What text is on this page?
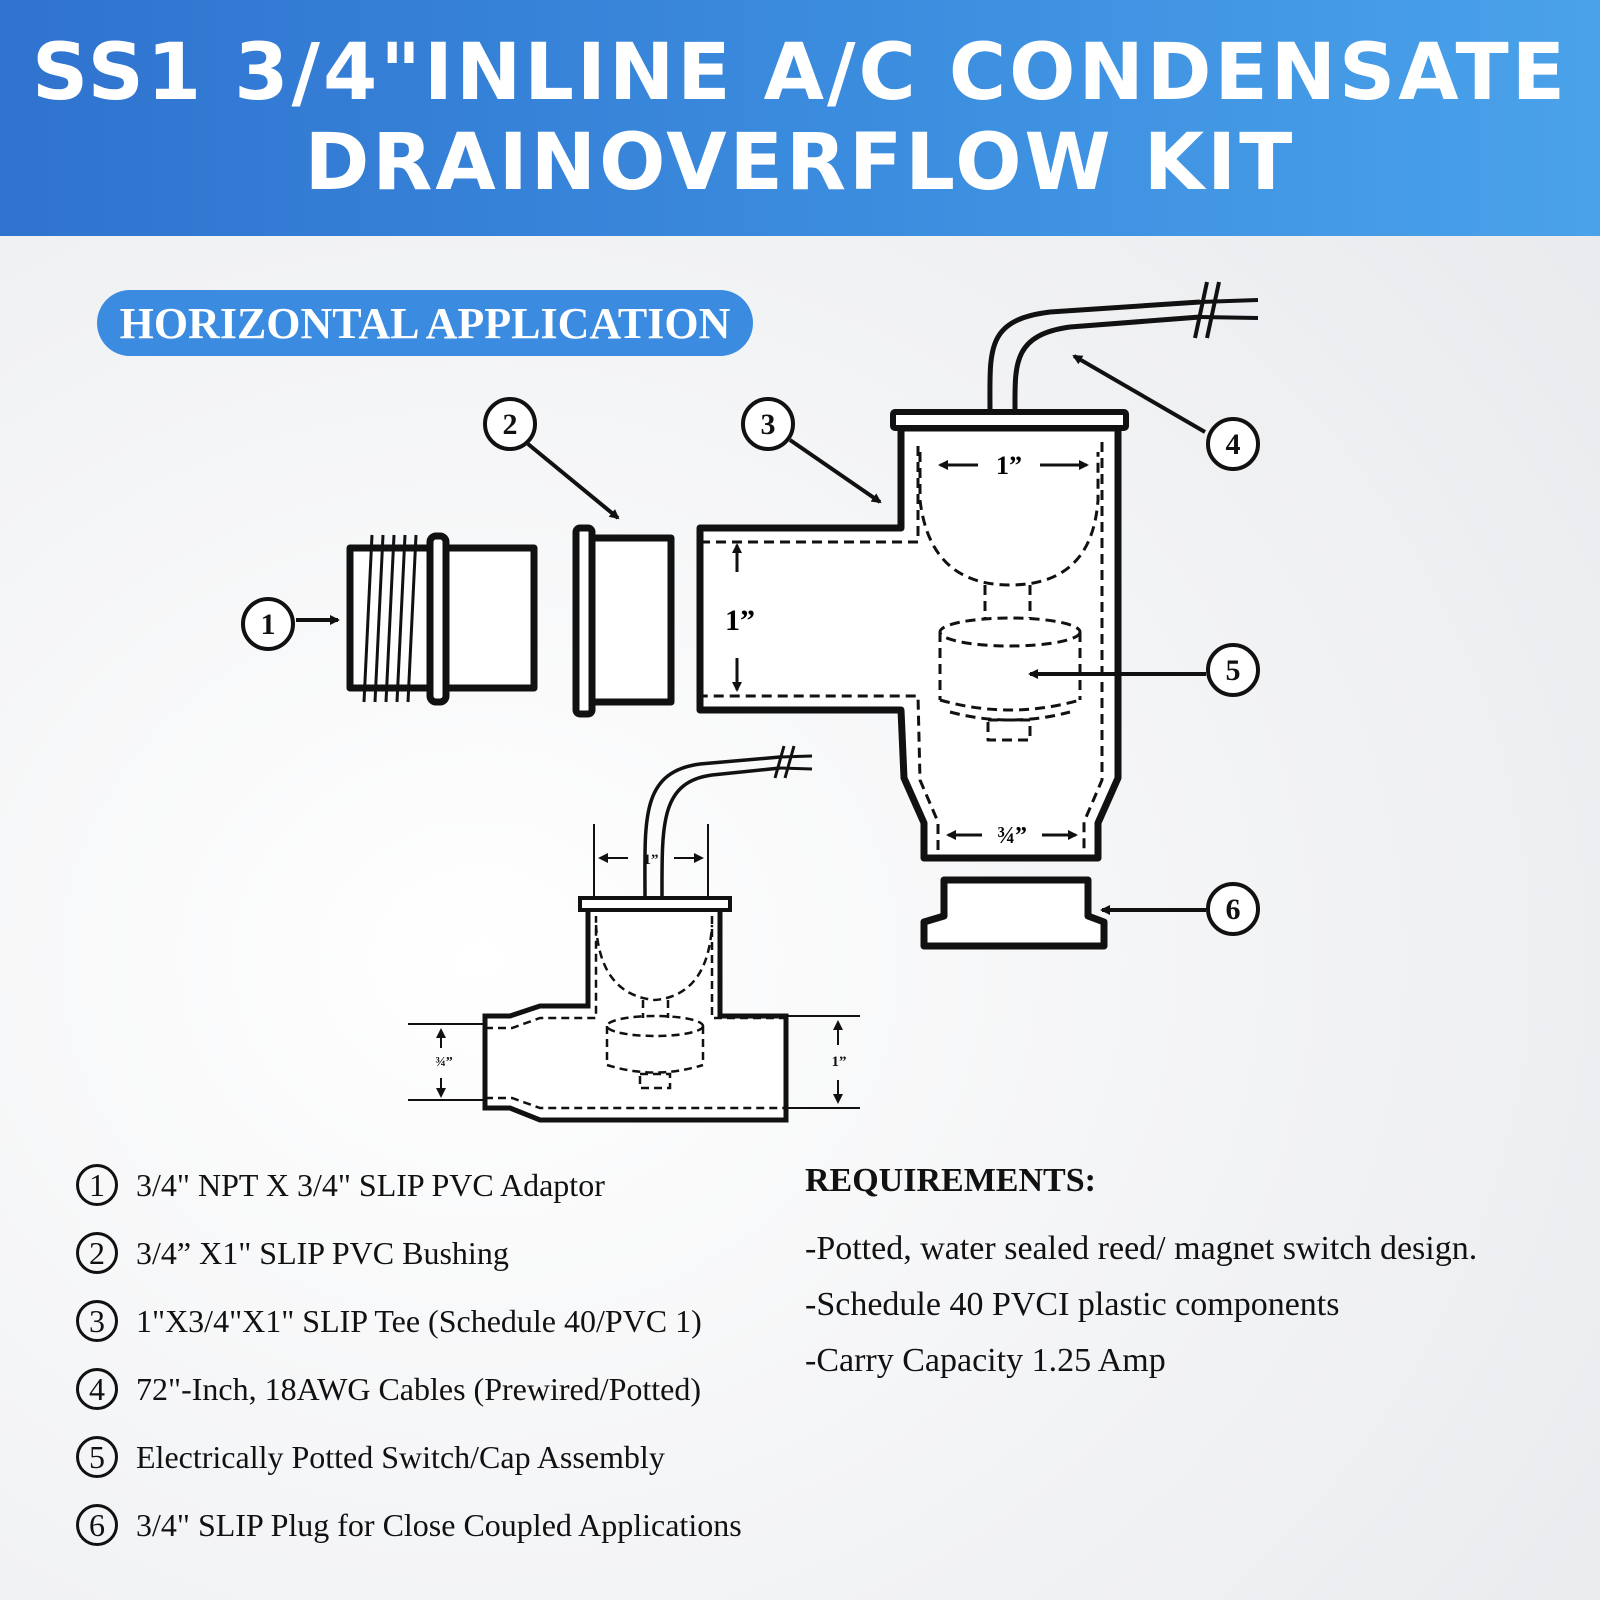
SS1 3/4"INLINE A/C CONDENSATE
DRAINOVERFLOW KIT
HORIZONTAL APPLICATION
1”
1”
¾”
1
2	3
4
5
6
1”
¾”	1”
1 3/4" NPT X 3/4" SLIP PVC Adaptor
2 3/4” X1" SLIP PVC Bushing
3 1"X3/4"X1" SLIP Tee (Schedule 40/PVC 1)
4 72"-Inch, 18AWG Cables (Prewired/Potted)
5 Electrically Potted Switch/Cap Assembly
6 3/4" SLIP Plug for Close Coupled Applications
REQUIREMENTS:
-Potted, water sealed reed/ magnet switch design.
-Schedule 40 PVCI plastic components
-Carry Capacity 1.25 Amp
